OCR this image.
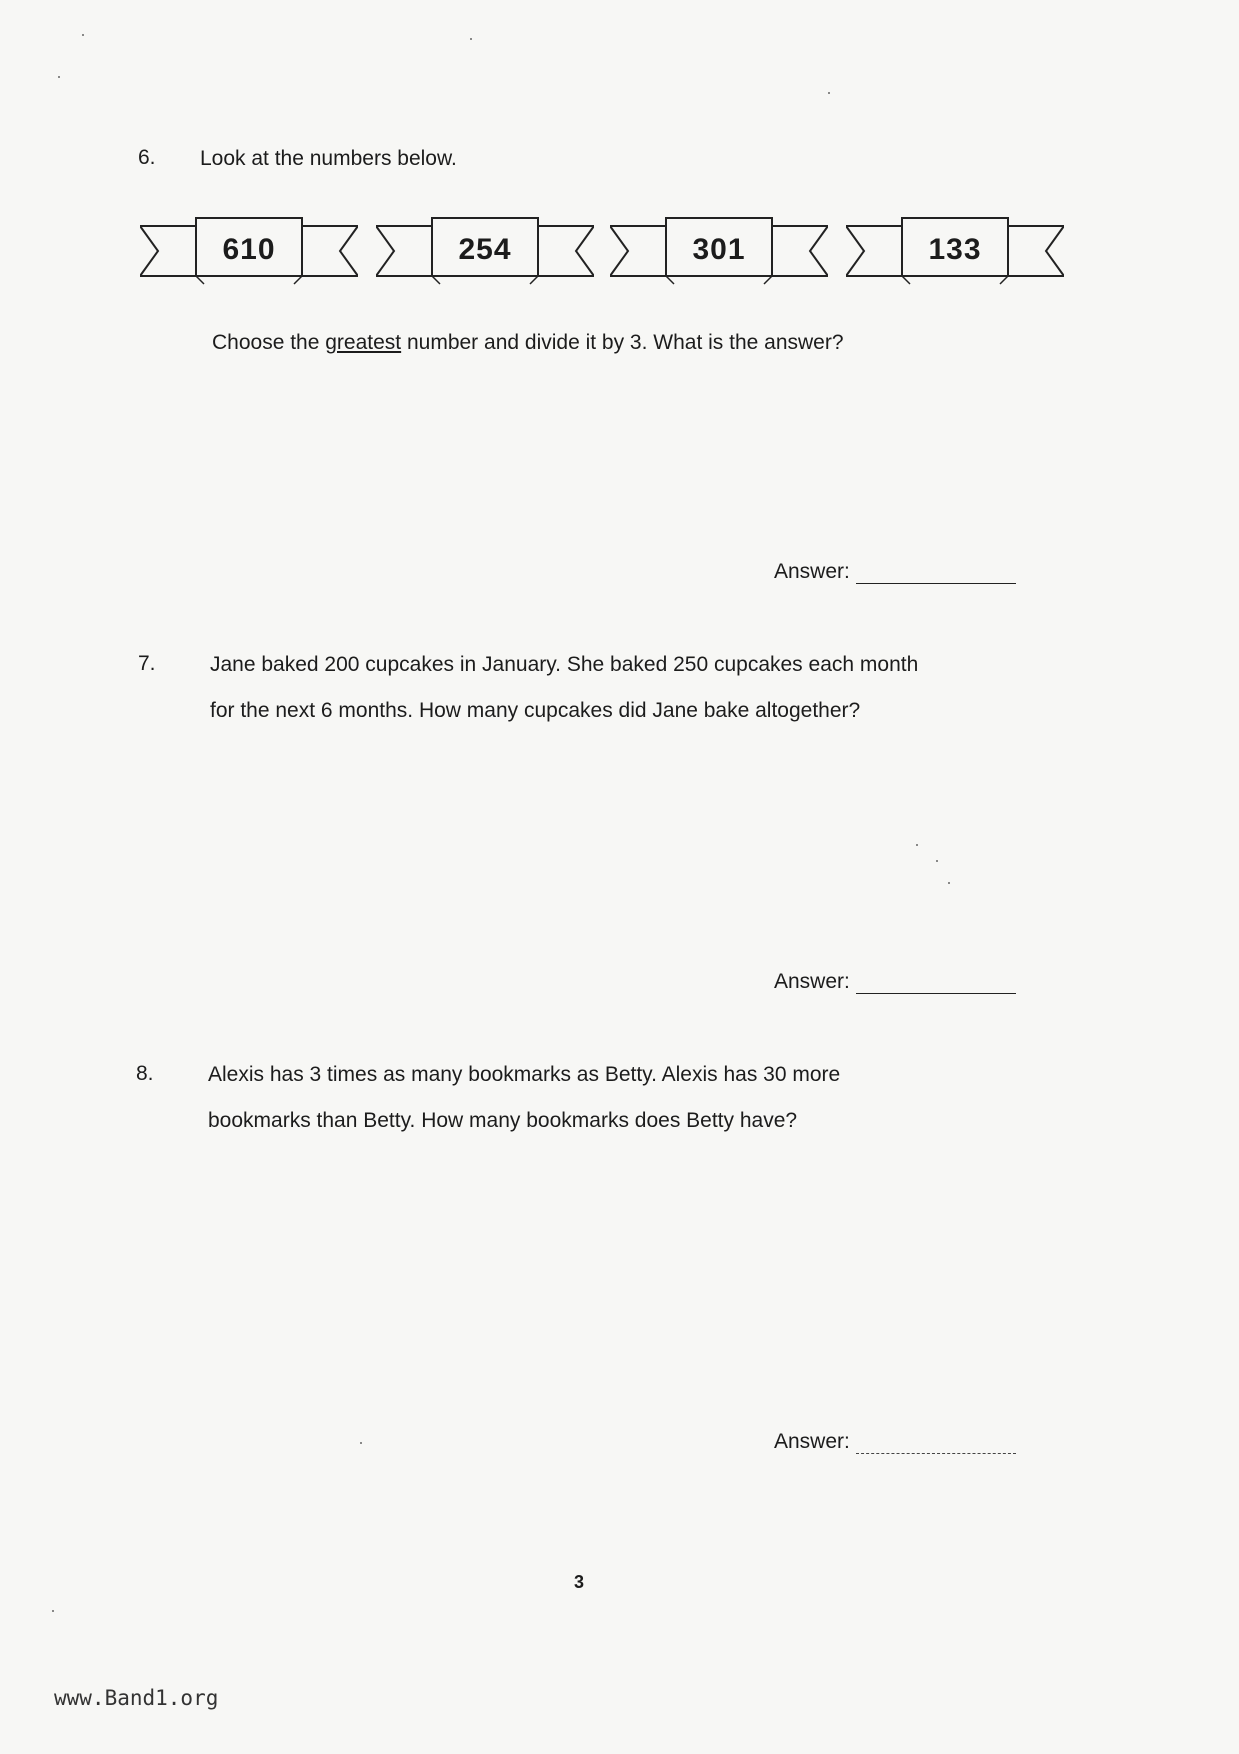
6. Look at the numbers below.
610	254	301	133
Choose the greatest number and divide it by 3. What is the answer?
Answer:
7.	Jane baked 200 cupcakes in January. She baked 250 cupcakes each month
for the next 6 months. How many cupcakes did Jane bake altogether?
Answer:
8.	Alexis has 3 times as many bookmarks as Betty. Alexis has 30 more
bookmarks than Betty. How many bookmarks does Betty have?
Answer:
3
www.Band1.org
